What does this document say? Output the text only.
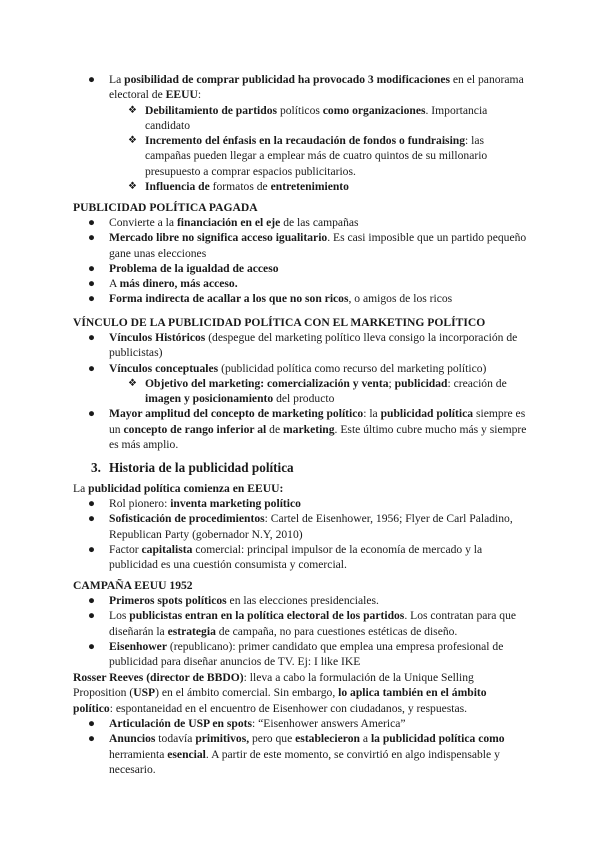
● La posibilidad de comprar publicidad ha provocado 3 modificaciones en el panorama electoral de EEUU:
❖ Debilitamiento de partidos políticos como organizaciones. Importancia candidato
❖ Incremento del énfasis en la recaudación de fondos o fundraising: las campañas pueden llegar a emplear más de cuatro quintos de su millonario presupuesto a comprar espacios publicitarios.
❖ Influencia de formatos de entretenimiento
PUBLICIDAD POLÍTICA PAGADA
● Convierte a la financiación en el eje de las campañas
● Mercado libre no significa acceso igualitario. Es casi imposible que un partido pequeño gane unas elecciones
● Problema de la igualdad de acceso
● A más dinero, más acceso.
● Forma indirecta de acallar a los que no son ricos, o amigos de los ricos
VÍNCULO DE LA PUBLICIDAD POLÍTICA CON EL MARKETING POLÍTICO
● Vínculos Históricos (despegue del marketing político lleva consigo la incorporación de publicistas)
● Vínculos conceptuales (publicidad política como recurso del marketing político)
❖ Objetivo del marketing: comercialización y venta; publicidad: creación de imagen y posicionamiento del producto
● Mayor amplitud del concepto de marketing político: la publicidad política siempre es un concepto de rango inferior al de marketing. Este último cubre mucho más y siempre es más amplio.
3. Historia de la publicidad política
La publicidad política comienza en EEUU:
● Rol pionero: inventa marketing político
● Sofisticación de procedimientos: Cartel de Eisenhower, 1956; Flyer de Carl Paladino, Republican Party (gobernador N.Y, 2010)
● Factor capitalista comercial: principal impulsor de la economía de mercado y la publicidad es una cuestión consumista y comercial.
CAMPAÑA EEUU 1952
● Primeros spots políticos en las elecciones presidenciales.
● Los publicistas entran en la política electoral de los partidos. Los contratan para que diseñarán la estrategia de campaña, no para cuestiones estéticas de diseño.
● Eisenhower (republicano): primer candidato que emplea una empresa profesional de publicidad para diseñar anuncios de TV. Ej: I like IKE
Rosser Reeves (director de BBDO): lleva a cabo la formulación de la Unique Selling Proposition (USP) en el ámbito comercial. Sin embargo, lo aplica también en el ámbito político: espontaneidad en el encuentro de Eisenhower con ciudadanos, y respuestas.
● Articulación de USP en spots: “Eisenhower answers America”
● Anuncios todavía primitivos, pero que establecieron a la publicidad política como herramienta esencial. A partir de este momento, se convirtió en algo indispensable y necesario.
